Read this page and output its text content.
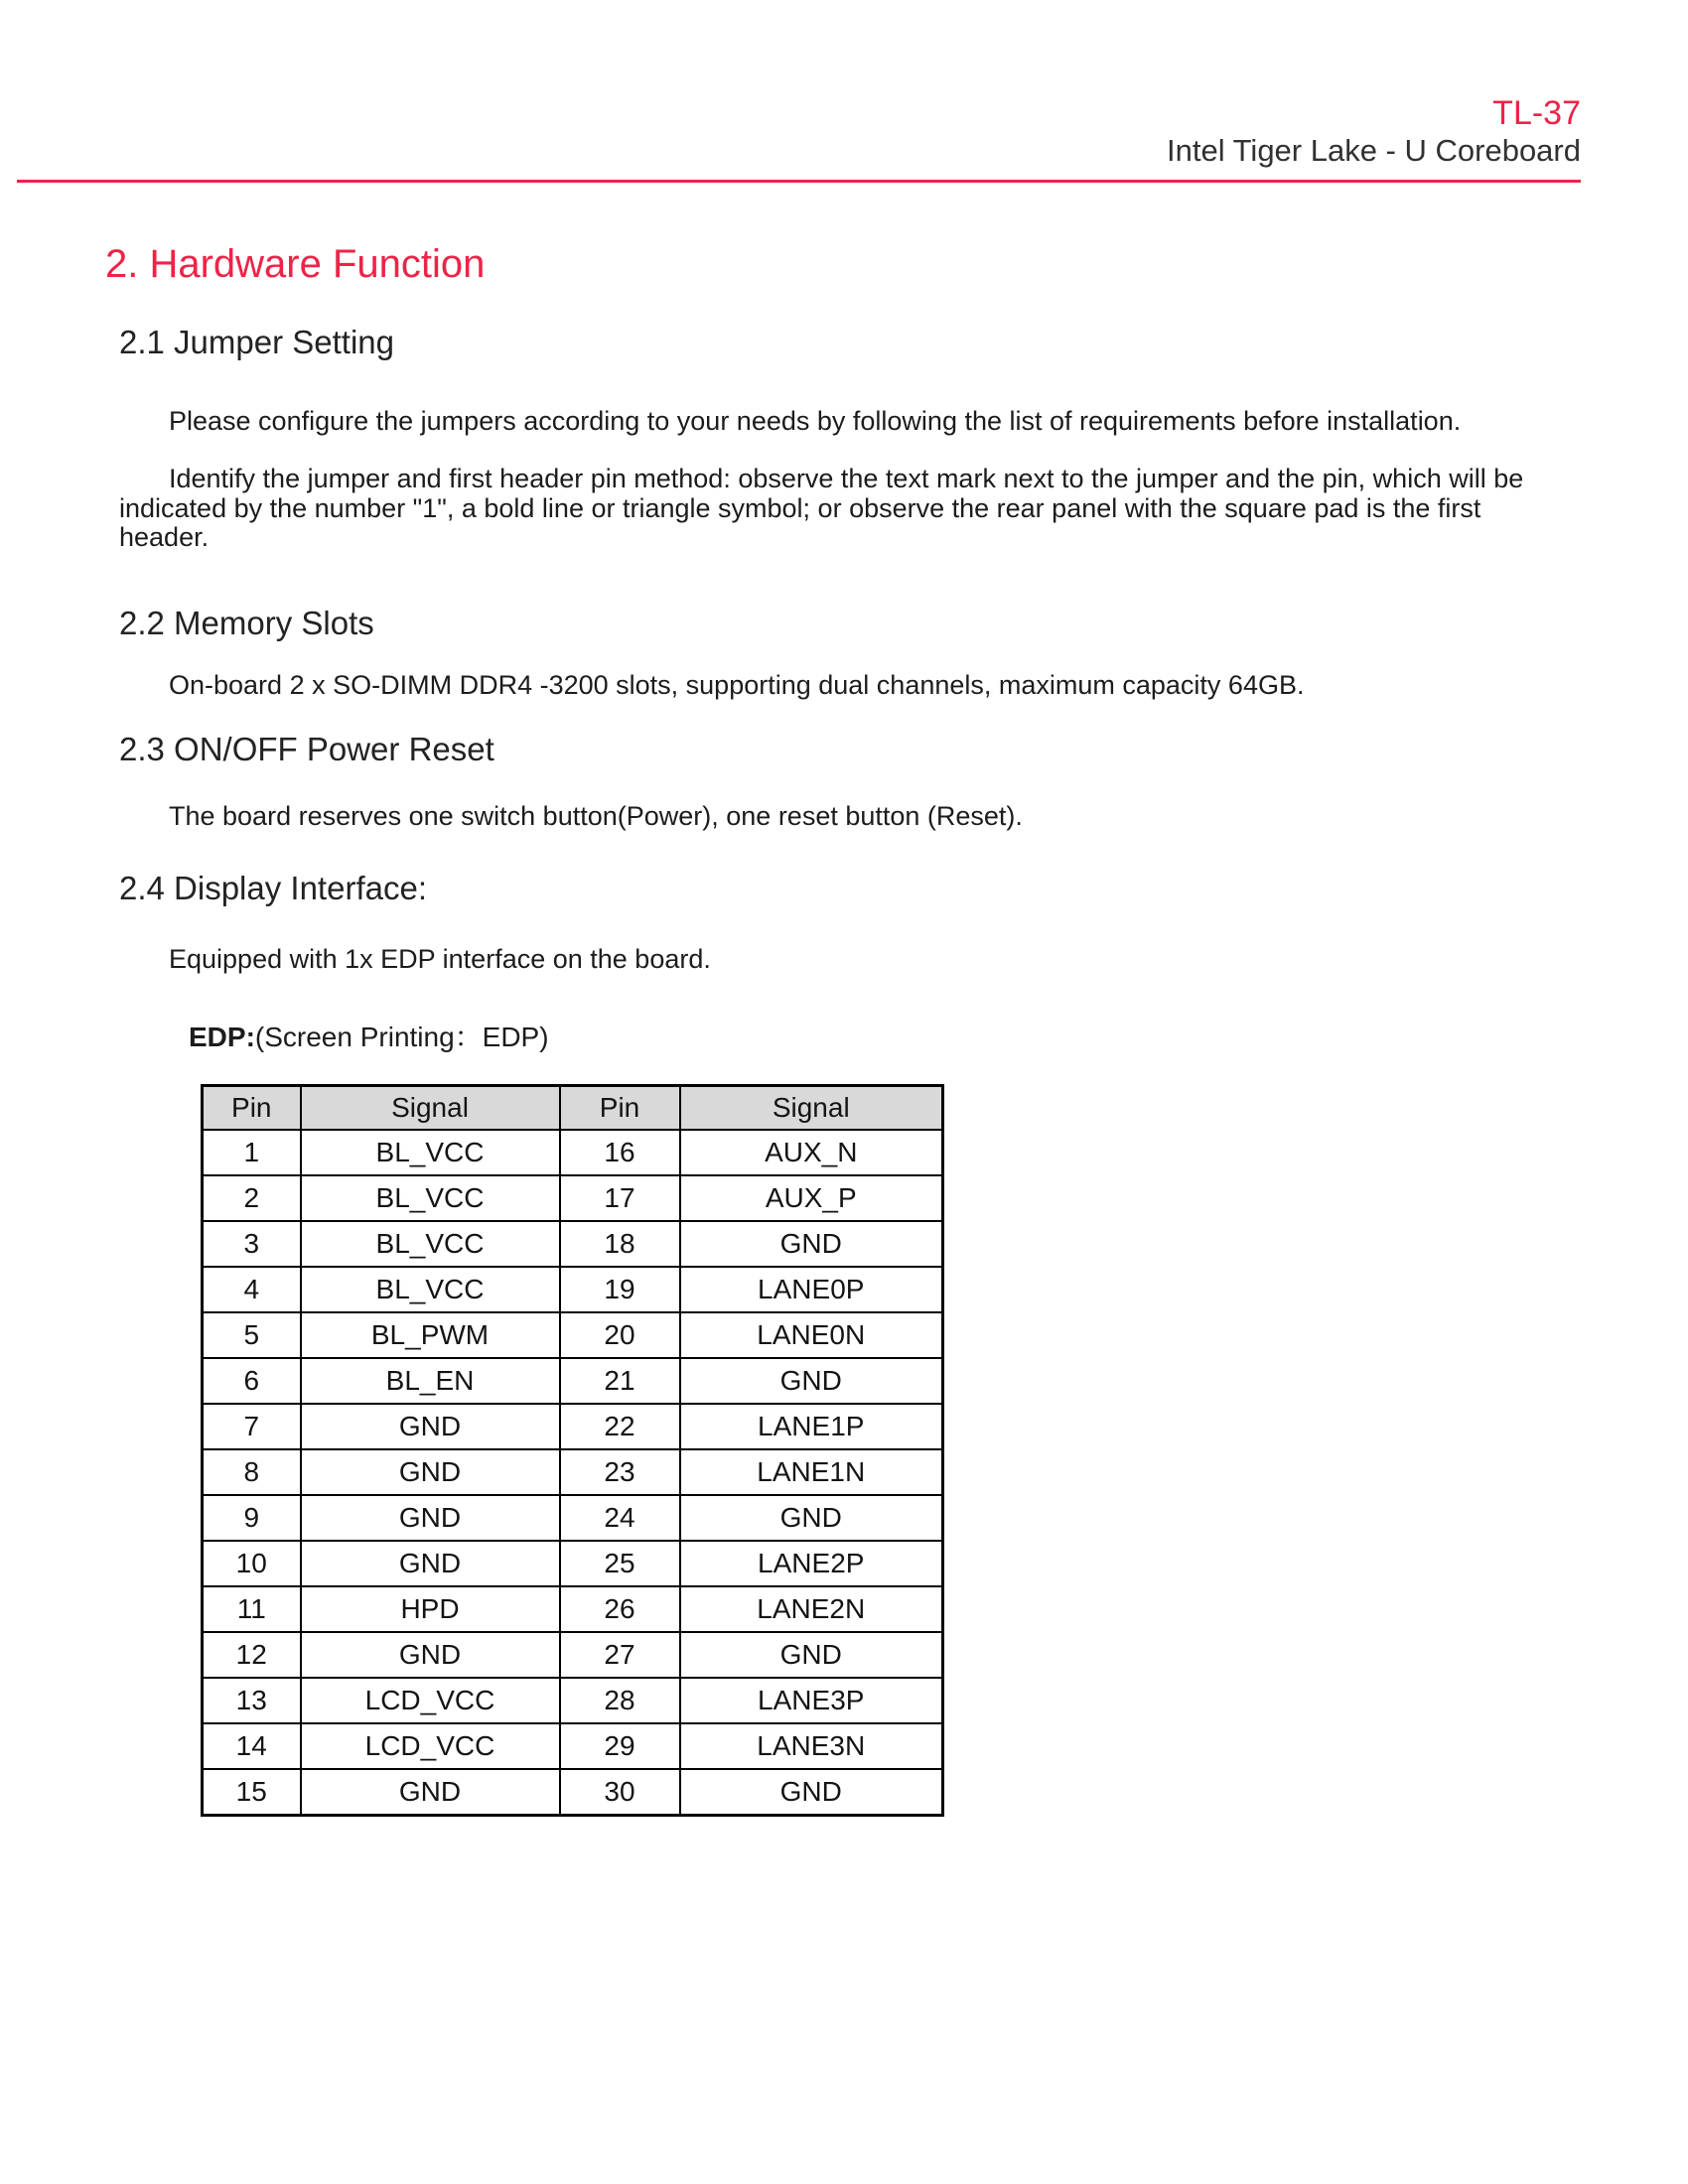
TL-37
Intel Tiger Lake - U Coreboard
2. Hardware Function
2.1 Jumper Setting
Please configure the jumpers according to your needs by following the list of requirements before installation.
Identify the jumper and first header pin method: observe the text mark next to the jumper and the pin, which will be indicated by the number "1", a bold line or triangle symbol; or observe the rear panel with the square pad is the first header.
2.2 Memory Slots
On-board 2 x SO-DIMM DDR4 -3200 slots, supporting dual channels, maximum capacity 64GB.
2.3 ON/OFF Power Reset
The board reserves one switch button(Power), one reset button (Reset).
2.4 Display Interface:
Equipped with 1x EDP interface on the board.
EDP:(Screen Printing：EDP)
Pin	Signal	Pin	Signal
1	BL_VCC	16	AUX_N
2	BL_VCC	17	AUX_P
3	BL_VCC	18	GND
4	BL_VCC	19	LANE0P
5	BL_PWM	20	LANE0N
6	BL_EN	21	GND
7	GND	22	LANE1P
8	GND	23	LANE1N
9	GND	24	GND
10	GND	25	LANE2P
11	HPD	26	LANE2N
12	GND	27	GND
13	LCD_VCC	28	LANE3P
14	LCD_VCC	29	LANE3N
15	GND	30	GND
